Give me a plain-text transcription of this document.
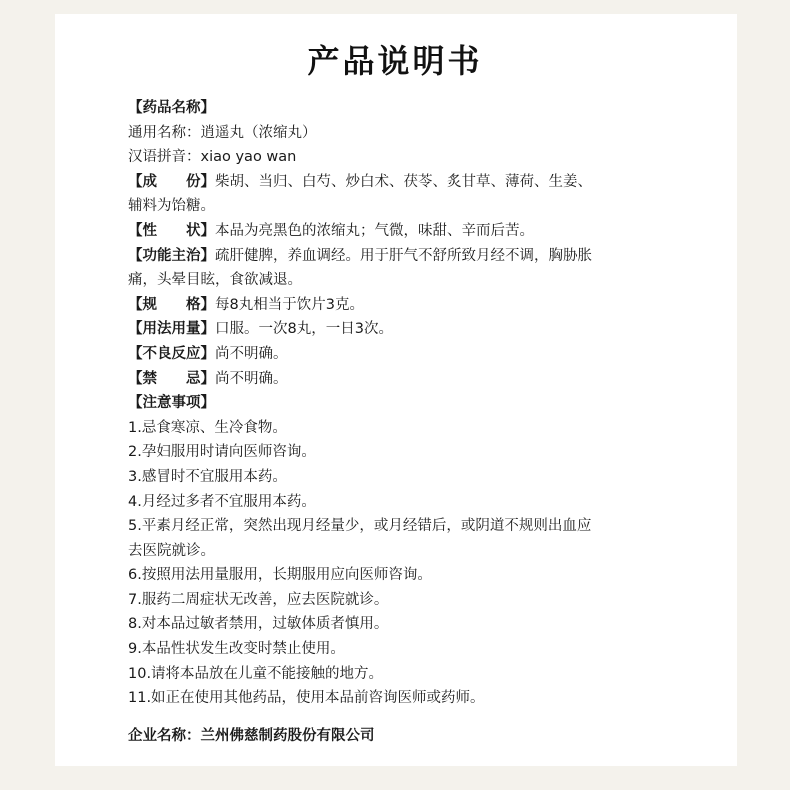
产品说明书
【药品名称】
通用名称：逍遥丸（浓缩丸）
汉语拼音：xiao yao wan
【成　　份】柴胡、当归、白芍、炒白术、茯苓、炙甘草、薄荷、生姜、
辅料为饴糖。
【性　　状】本品为亮黑色的浓缩丸；气微，味甜、辛而后苦。
【功能主治】疏肝健脾，养血调经。用于肝气不舒所致月经不调，胸胁胀
痛，头晕目眩，食欲减退。
【规　　格】每8丸相当于饮片3克。
【用法用量】口服。一次8丸，一日3次。
【不良反应】尚不明确。
【禁　　忌】尚不明确。
【注意事项】
1.忌食寒凉、生冷食物。
2.孕妇服用时请向医师咨询。
3.感冒时不宜服用本药。
4.月经过多者不宜服用本药。
5.平素月经正常，突然出现月经量少，或月经错后，或阴道不规则出血应
去医院就诊。
6.按照用法用量服用，长期服用应向医师咨询。
7.服药二周症状无改善，应去医院就诊。
8.对本品过敏者禁用，过敏体质者慎用。
9.本品性状发生改变时禁止使用。
10.请将本品放在儿童不能接触的地方。
11.如正在使用其他药品，使用本品前咨询医师或药师。
企业名称：兰州佛慈制药股份有限公司
